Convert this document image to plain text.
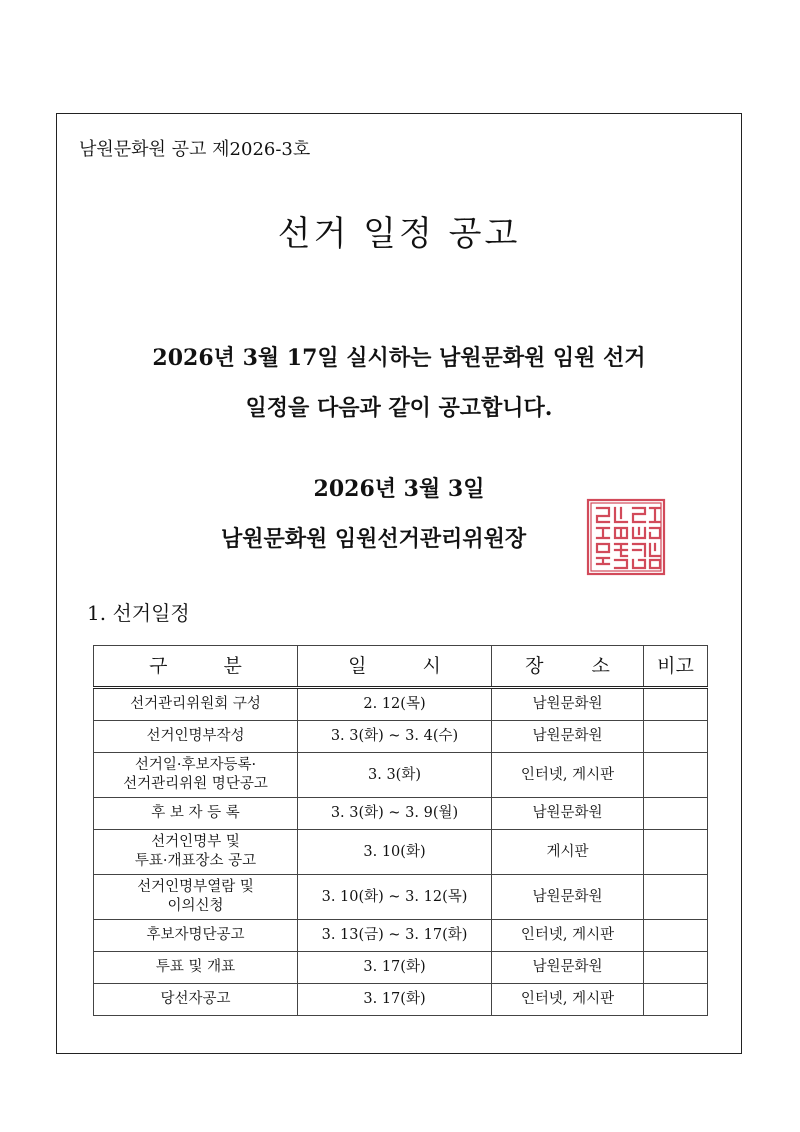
남원문화원 공고 제2026-3호
선거 일정 공고
2026년 3월 17일 실시하는 남원문화원 임원 선거
일정을 다음과 같이 공고합니다.
2026년 3월 3일
남원문화원 임원선거관리위원장
1. 선거일정
구 분	일 시	장 소	비고

선거관리위원회 구성	2. 12(목)	남원문화원	

선거인명부작성	3. 3(화) ~ 3. 4(수)	남원문화원	

선거일·후보자등록·
선거관리위원 명단공고	3. 3(화)	인터넷, 게시판	

후 보 자 등 록	3. 3(화) ~ 3. 9(월)	남원문화원	

선거인명부 및
투표·개표장소 공고	3. 10(화)	게시판	

선거인명부열람 및
이의신청	3. 10(화) ~ 3. 12(목)	남원문화원	

후보자명단공고	3. 13(금) ~ 3. 17(화)	인터넷, 게시판	

투표 및 개표	3. 17(화)	남원문화원	

당선자공고	3. 17(화)	인터넷, 게시판	
